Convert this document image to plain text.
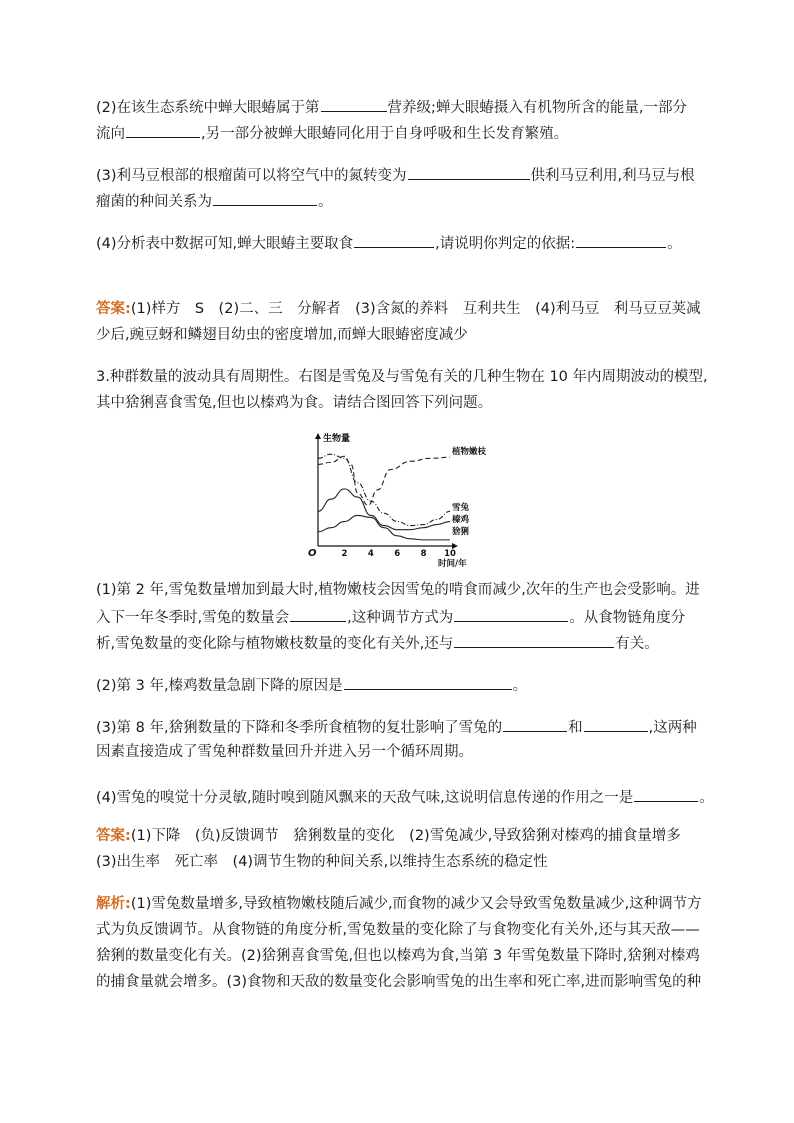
(2)在该生态系统中蝉大眼蝽属于第	营养级;蝉大眼蝽摄入有机物所含的能量,一部分
流向	,另一部分被蝉大眼蝽同化用于自身呼吸和生长发育繁殖。
(3)利马豆根部的根瘤菌可以将空气中的氮转变为	供利马豆利用,利马豆与根
瘤菌的种间关系为	。
(4)分析表中数据可知,蝉大眼蝽主要取食	,请说明你判定的依据:	。
答案:(1)样方　S　(2)二、三　分解者　(3)含氮的养料　互利共生　(4)利马豆　利马豆豆荚减
少后,豌豆蚜和鳞翅目幼虫的密度增加,而蝉大眼蝽密度减少
3.种群数量的波动具有周期性。右图是雪兔及与雪兔有关的几种生物在 10 年内周期波动的模型,
其中猞猁喜食雪兔,但也以榛鸡为食。请结合图回答下列问题。
生物量
O	2 4 6 8 10
时间/年
植物嫩枝
雪兔
榛鸡
猞猁
(1)第 2 年,雪兔数量增加到最大时,植物嫩枝会因雪兔的啃食而减少,次年的生产也会受影响。进
入下一年冬季时,雪兔的数量会	,这种调节方式为	。从食物链角度分
析,雪兔数量的变化除与植物嫩枝数量的变化有关外,还与	有关。
(2)第 3 年,榛鸡数量急剧下降的原因是	。
(3)第 8 年,猞猁数量的下降和冬季所食植物的复壮影响了雪兔的	和	,这两种
因素直接造成了雪兔种群数量回升并进入另一个循环周期。
(4)雪兔的嗅觉十分灵敏,随时嗅到随风飘来的天敌气味,这说明信息传递的作用之一是	。
答案:(1)下降　(负)反馈调节　猞猁数量的变化　(2)雪兔减少,导致猞猁对榛鸡的捕食量增多
(3)出生率　死亡率　(4)调节生物的种间关系,以维持生态系统的稳定性
解析:(1)雪兔数量增多,导致植物嫩枝随后减少,而食物的减少又会导致雪兔数量减少,这种调节方
式为负反馈调节。从食物链的角度分析,雪兔数量的变化除了与食物变化有关外,还与其天敌——
猞猁的数量变化有关。(2)猞猁喜食雪兔,但也以榛鸡为食,当第 3 年雪兔数量下降时,猞猁对榛鸡
的捕食量就会增多。(3)食物和天敌的数量变化会影响雪兔的出生率和死亡率,进而影响雪兔的种
